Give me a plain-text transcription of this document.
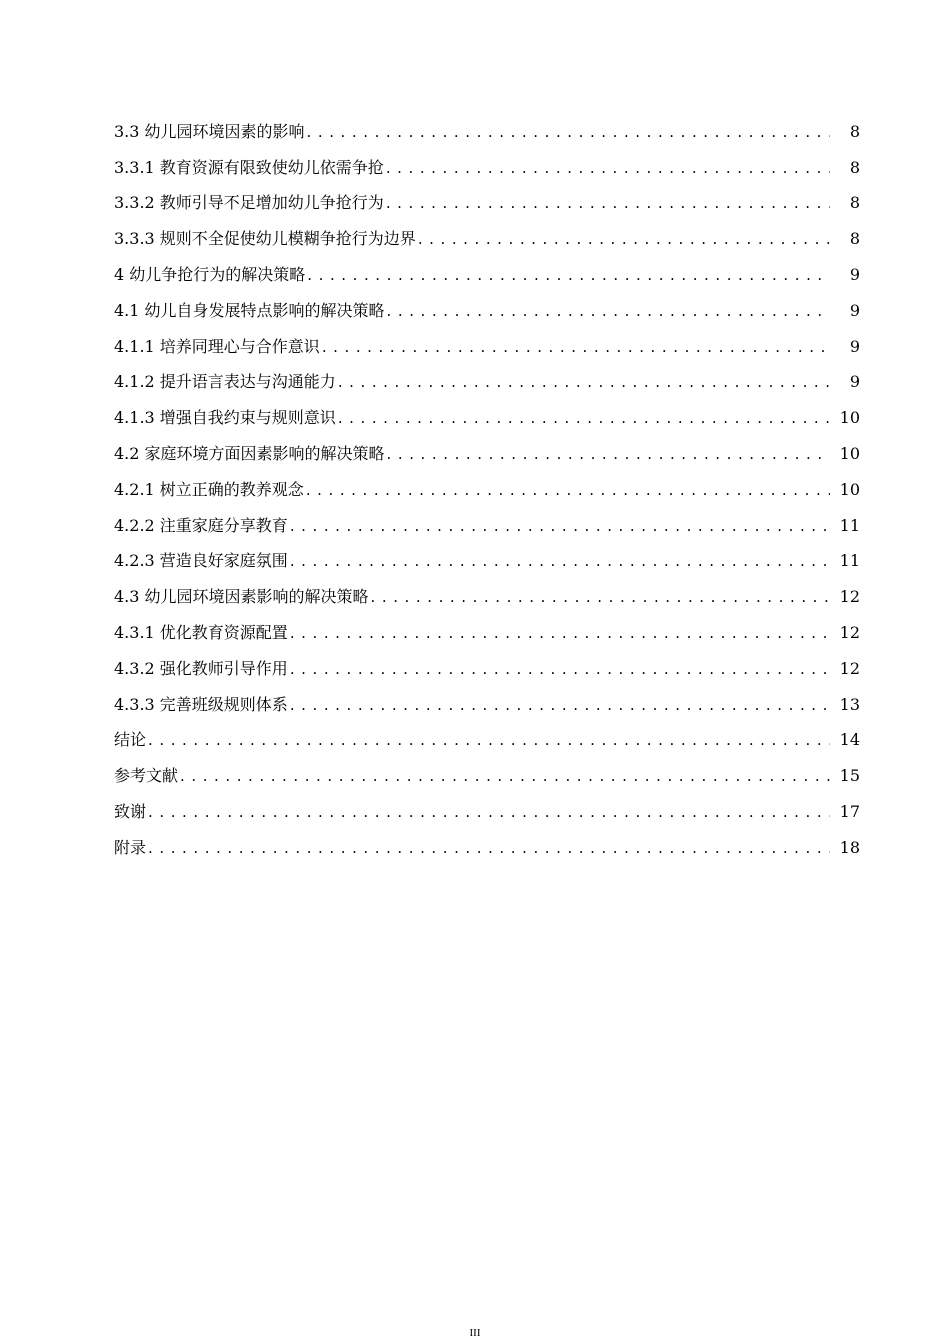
3.3 幼儿园环境因素的影响 . . .	8
3.3.1 教育资源有限致使幼儿依需争抢 . . .	8
3.3.2 教师引导不足增加幼儿争抢行为 . . .	8
3.3.3 规则不全促使幼儿模糊争抢行为边界 . . .	8
4 幼儿争抢行为的解决策略 . . .	9
4.1 幼儿自身发展特点影响的解决策略 . . .	9
4.1.1 培养同理心与合作意识 . . .	9
4.1.2 提升语言表达与沟通能力 . . .	9
4.1.3 增强自我约束与规则意识 . . .	10
4.2 家庭环境方面因素影响的解决策略 . . .	10
4.2.1 树立正确的教养观念 . . .	10
4.2.2 注重家庭分享教育 . . .	11
4.2.3 营造良好家庭氛围 . . .	11
4.3 幼儿园环境因素影响的解决策略 . . .	12
4.3.1 优化教育资源配置 . . .	12
4.3.2 强化教师引导作用 . . .	12
4.3.3 完善班级规则体系 . . .	13
结论 . . .	14
参考文献 . . .	15
致谢 . . .	17
附录 . . .	18
III
